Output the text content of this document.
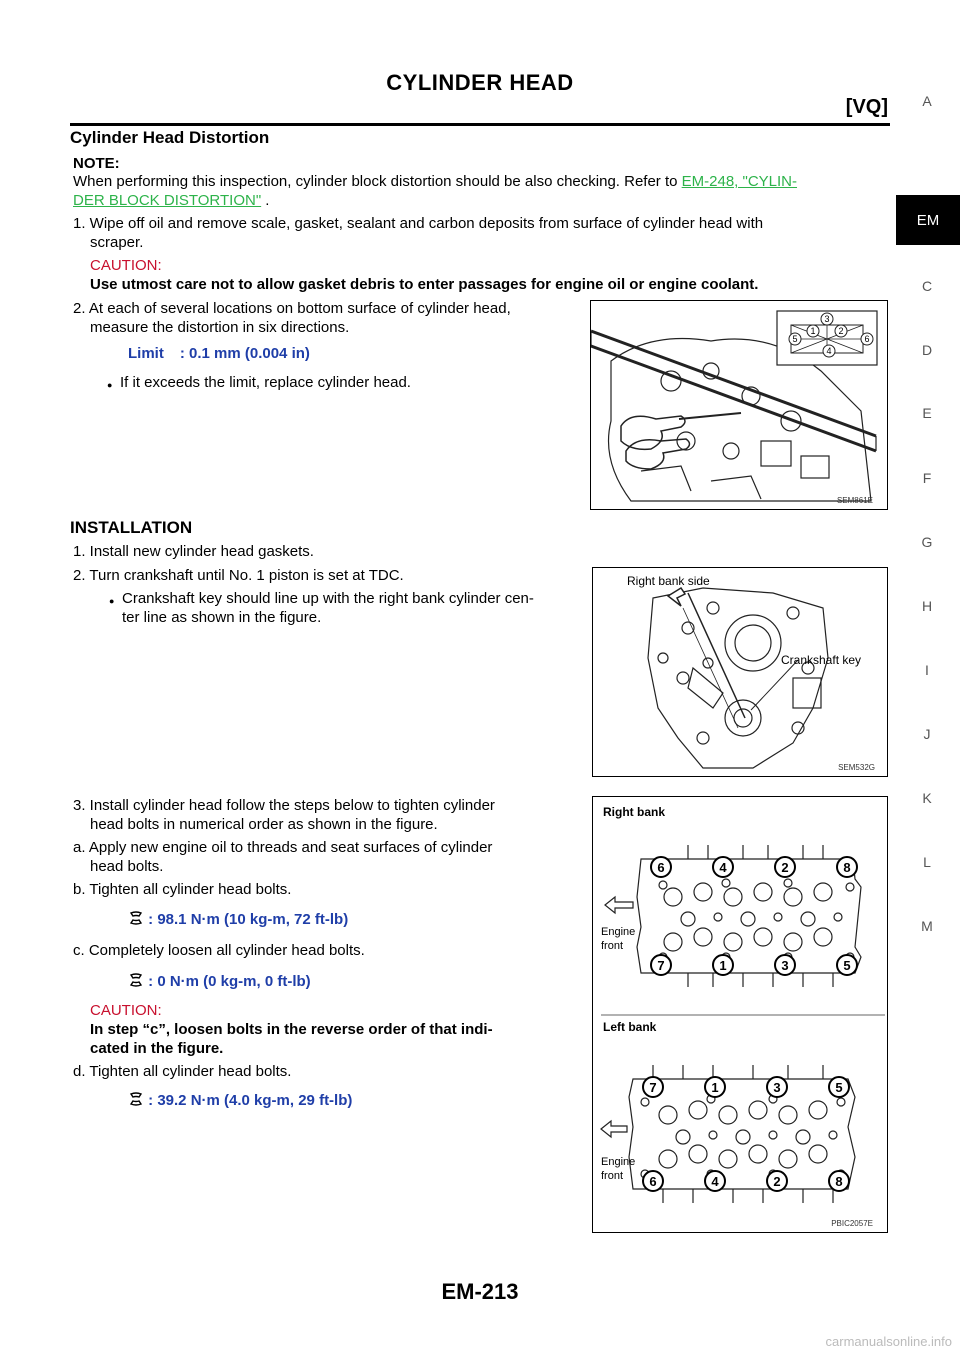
CYLINDER HEAD
[VQ]	A
EM
C
D
E
F
G
H
I
J
K
L
M
Cylinder Head Distortion
NOTE:
When performing this inspection, cylinder block distortion should be also checking. Refer to EM-248, "CYLIN-
DER BLOCK DISTORTION" .
1. Wipe off oil and remove scale, gasket, sealant and carbon deposits from surface of cylinder head with
scraper.
CAUTION:
Use utmost care not to allow gasket debris to enter passages for engine oil or engine coolant.
2. At each of several locations on bottom surface of cylinder head,
measure the distortion in six directions.
Limit : 0.1 mm (0.004 in)
● If it exceeds the limit, replace cylinder head.
3
1	2
4
5	6
SEM861E
INSTALLATION
1. Install new cylinder head gaskets.
2. Turn crankshaft until No. 1 piston is set at TDC.
● Crankshaft key should line up with the right bank cylinder cen-
ter line as shown in the figure.
Right bank side
Crankshaft key
SEM532G
3. Install cylinder head follow the steps below to tighten cylinder
head bolts in numerical order as shown in the figure.
a. Apply new engine oil to threads and seat surfaces of cylinder
head bolts.
b. Tighten all cylinder head bolts.
: 98.1 N·m (10 kg-m, 72 ft-lb)
c. Completely loosen all cylinder head bolts.
: 0 N·m (0 kg-m, 0 ft-lb)
CAUTION:
In step “c”, loosen bolts in the reverse order of that indi-
cated in the figure.
d. Tighten all cylinder head bolts.
: 39.2 N·m (4.0 kg-m, 29 ft-lb)
Right bank
Engine
front
Left bank
Engine
front
6	4	2	8
7	1	3	5
7	1	3	5
6	4	2	8
PBIC2057E
EM-213
carmanualsonline.info
